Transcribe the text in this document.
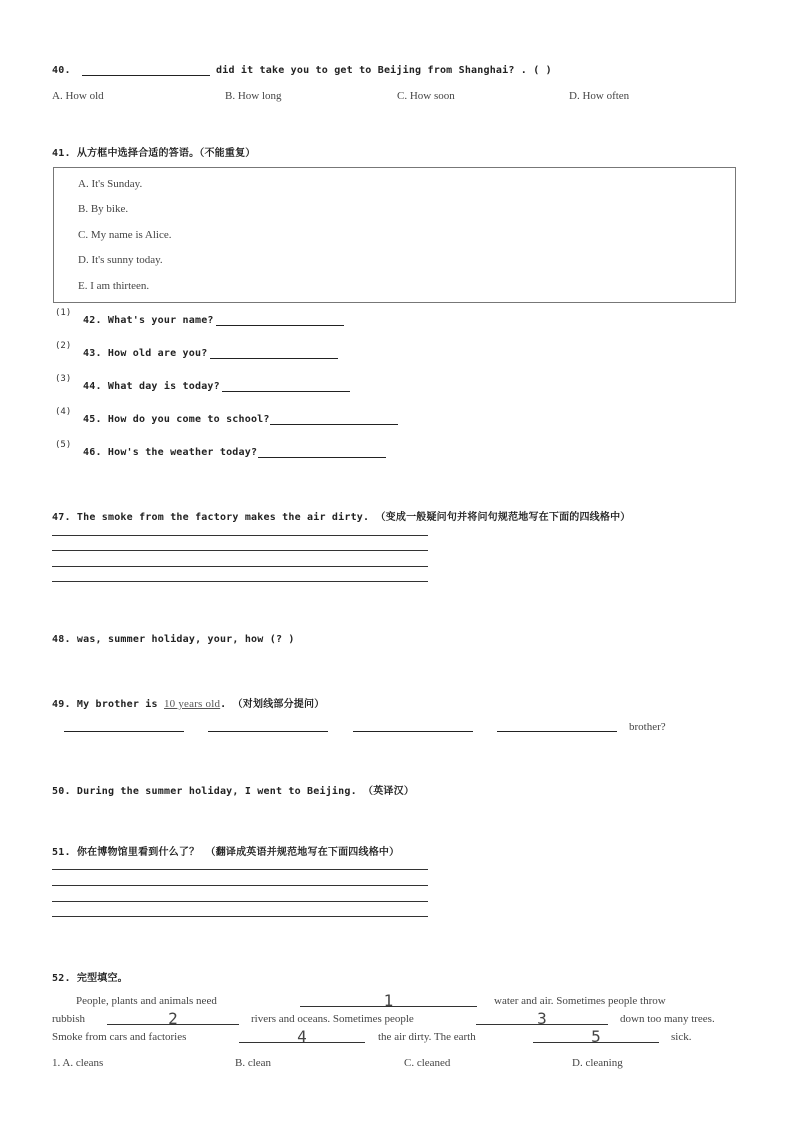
40.	did it take you to get to Beijing from Shanghai? . ( )
A. How old	B. How long	C. How soon	D. How often
41. 从方框中选择合适的答语。（不能重复）
A. It's Sunday.
B. By bike.
C. My name is Alice.
D. It's sunny today.
E. I am thirteen.
(1)
42. What's your name?
(2)
43. How old are you?
(3)
44. What day is today?
(4)
45. How do you come to school?
(5)
46. How's the weather today?
47. The smoke from the factory makes the air dirty. （变成一般疑问句并将问句规范地写在下面的四线格中）
48. was, summer holiday, your, how (? )
49. My brother is 10 years old. （对划线部分提问）
brother?
50. During the summer holiday, I went to Beijing. （英译汉）
51. 你在博物馆里看到什么了？ （翻译成英语并规范地写在下面四线格中）
52. 完型填空。
People, plants and animals need	1	water and air. Sometimes people throw
rubbish	2	rivers and oceans. Sometimes people	3	down too many trees.
Smoke from cars and factories	4	the air dirty. The earth	5	sick.
1. A. cleans	B. clean	C. cleaned	D. cleaning
